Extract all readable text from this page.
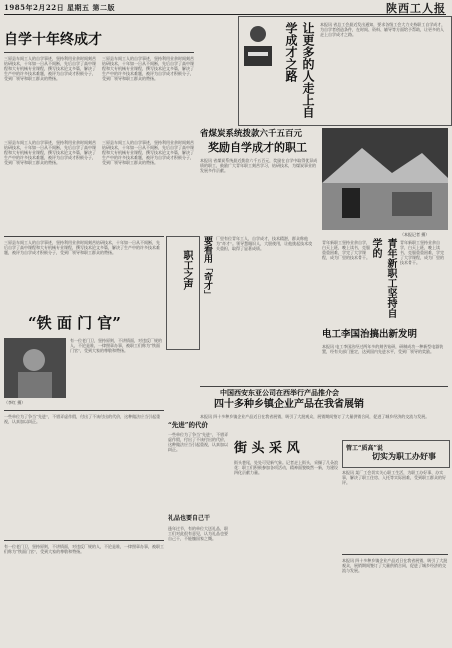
1985年2月22日 星期五 第二版	陕西工人报
自学十年终成才
三原县车间工人的自学事迹，坚持利用业余时间刻苦钻研技术，十年如一日从不间断，先后自学了高中课程和大专机械专业课程，撰写技术论文多篇，解决了生产中的许多技术难题，被评为自学成才积极分子，受到厂领导和职工群众的赞扬。
三原县车间工人的自学事迹，坚持利用业余时间刻苦钻研技术，十年如一日从不间断，先后自学了高中课程和大专机械专业课程，撰写技术论文多篇，解决了生产中的许多技术难题，被评为自学成才积极分子，受到厂领导和职工群众的赞扬。
三原县车间工人的自学事迹，坚持利用业余时间刻苦钻研技术，十年如一日从不间断，先后自学了高中课程和大专机械专业课程，撰写技术论文多篇，解决了生产中的许多技术难题，被评为自学成才积极分子，受到厂领导和职工群众的赞扬。
三原县车间工人的自学事迹，坚持利用业余时间刻苦钻研技术，十年如一日从不间断，先后自学了高中课程和大专机械专业课程，撰写技术论文多篇，解决了生产中的许多技术难题，被评为自学成才积极分子，受到厂领导和职工群众的赞扬。
让更多的人走上自学成才之路	本报讯 省总工会最近发出通知，要求各级工会大力支持职工自学成才，为自学者创造条件，在时间、资料、辅导等方面给予帮助，让更多的人走上自学成才之路。
省煤炭系统拨款六千五百元
奖励自学成才的职工
本报讯 省煤炭系统最近拨款六千五百元，奖励在自学中取得优异成绩的职工，鼓励广大青年职工刻苦学习，钻研技术，为煤炭事业的发展多作贡献。
（本报记者 摄）
职工之声 要看用「奇才」	厂里有位青年工人，自学成才，技术精湛，群众称他为“奇才”。领导慧眼识人，大胆使用，让他挑起技术攻关重担，取得了显著成绩。	青年新职工坚持自学的
青年新职工坚持业余自学，白天上班，晚上读书，克服重重困难，学完了大学课程，成为厂里的技术骨干。
青年新职工坚持业余自学，白天上班，晚上读书，克服重重困难，学完了大学课程，成为厂里的技术骨干。
电工李国治搞出新发明
本报讯 电工李国治经过两年多的刻苦钻研，研制成功一种新型电器装置，经有关部门鉴定，达到国内先进水平，受到厂领导的奖励。
三原县车间工人的自学事迹，坚持利用业余时间刻苦钻研技术，十年如一日从不间断，先后自学了高中课程和大专机械专业课程，撰写技术论文多篇，解决了生产中的许多技术难题，被评为自学成才积极分子，受到厂领导和职工群众的赞扬。
“铁 面 门 官”
（李红 摄）
有一位老门卫，坚持原则，不讲情面，对违反厂规的人，不论是谁，一律照章办事，被职工们称为“铁面门官”，受到大家的尊敬和赞扬。
中国西安东亚公司在西举行产品推介会
四十多种乡镇企业产品在我省展销
本报讯 四十多种乡镇企业产品近日在我省展销，吸引了大批观众，展销期间签订了大量供销合同，促进了城乡经济的交流与发展。
一些单位为了争当“先进”，不惜弄虚作假，付出了不该付出的代价，这种做法应当引起重视，认真加以纠正。
有一位老门卫，坚持原则，不讲情面，对违反厂规的人，不论是谁，一律照章办事，被职工们称为“铁面门官”，受到大家的尊敬和赞扬。
“先进”的代价
一些单位为了争当“先进”，不惜弄虚作假，付出了不该付出的代价，这种做法应当引起重视，认真加以纠正。
礼品也要自己干
逢年过节，有的单位大送礼品，职工们对此很有意见，认为礼品也要自己干，不能慷国家之慨。
街 头 采 风
街头巷尾，处处可见新气象。记者走上街头，采撷了几朵浪花：职工们积极参加各项活动，精神面貌焕然一新，为建设四化贡献力量。
管工“质高”说
切实为职工办好事
本报讯 某厂工会切实关心职工生活，为职工办好事、办实事，解决了职工住房、入托等实际困难，受到职工群众的好评。
本报讯 四十多种乡镇企业产品近日在我省展销，吸引了大批观众，展销期间签订了大量供销合同，促进了城乡经济的交流与发展。
